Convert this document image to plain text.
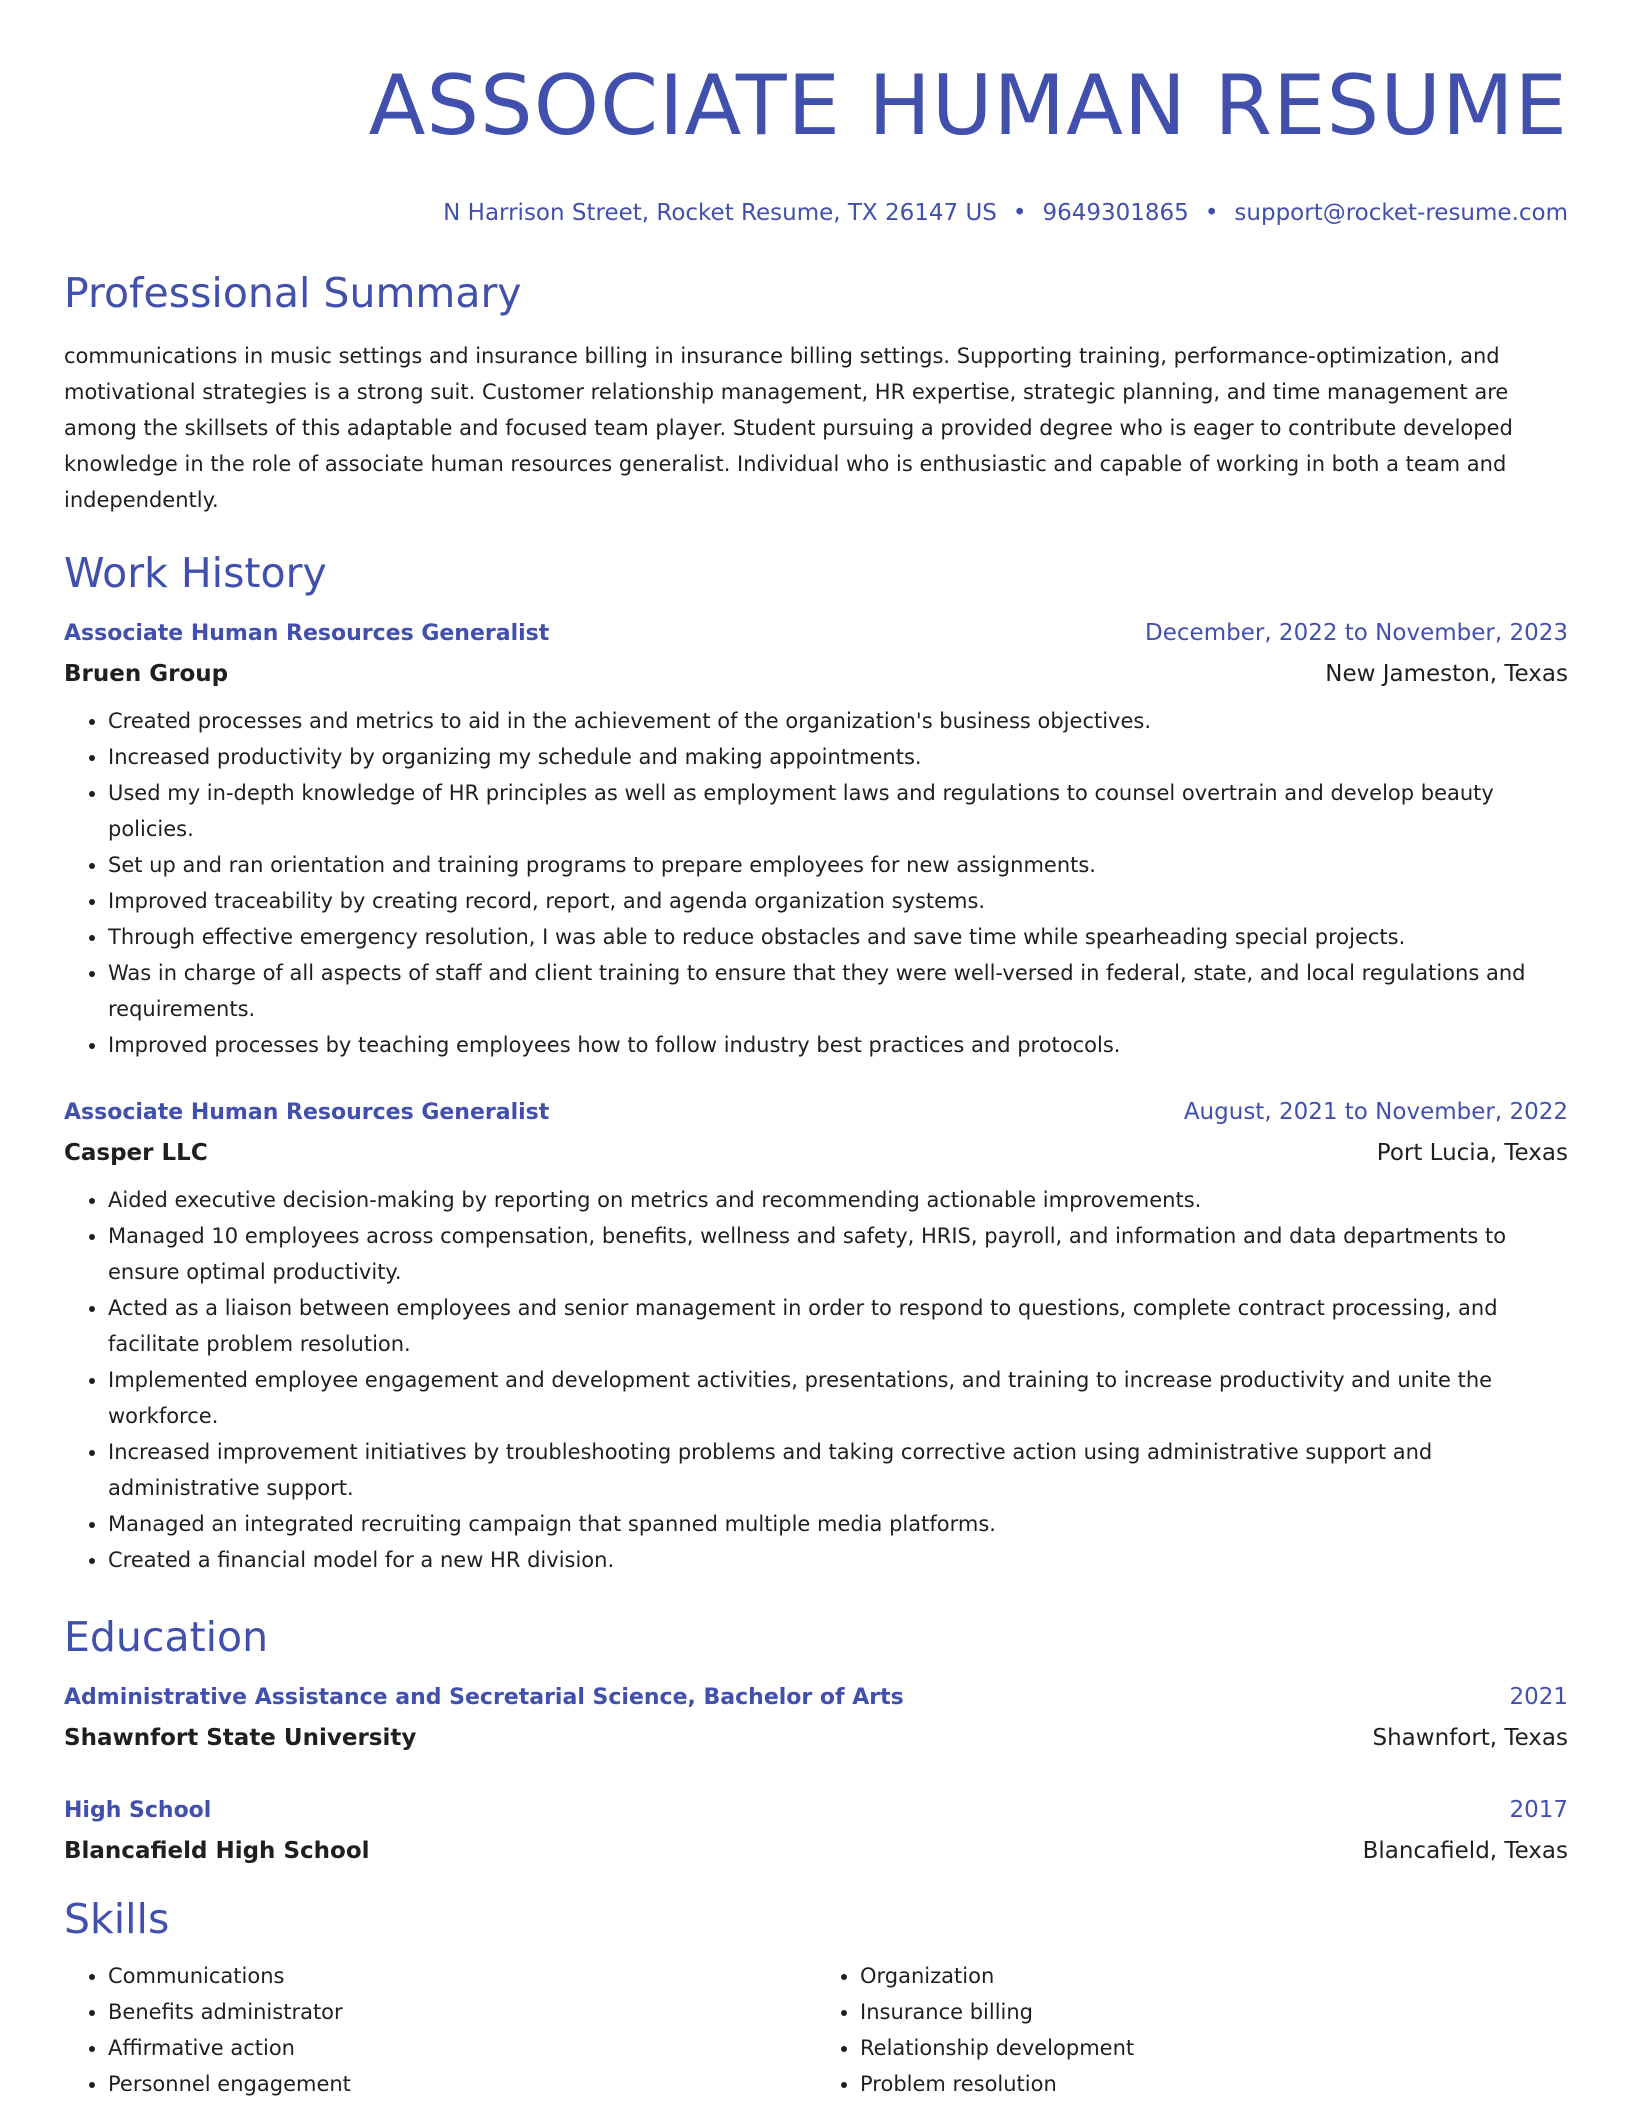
ASSOCIATE HUMAN RESUME
N Harrison Street, Rocket Resume, TX 26147 US • 9649301865 • support@rocket-resume.com
Professional Summary
communications in music settings and insurance billing in insurance billing settings. Supporting training, performance-optimization, and motivational strategies is a strong suit. Customer relationship management, HR expertise, strategic planning, and time management are among the skillsets of this adaptable and focused team player. Student pursuing a provided degree who is eager to contribute developed knowledge in the role of associate human resources generalist. Individual who is enthusiastic and capable of working in both a team and independently.
Work History
Associate Human Resources Generalist	December, 2022 to November, 2023
Bruen Group	New Jameston, Texas
• Created processes and metrics to aid in the achievement of the organization's business objectives.
• Increased productivity by organizing my schedule and making appointments.
• Used my in-depth knowledge of HR principles as well as employment laws and regulations to counsel overtrain and develop beauty policies.
• Set up and ran orientation and training programs to prepare employees for new assignments.
• Improved traceability by creating record, report, and agenda organization systems.
• Through effective emergency resolution, I was able to reduce obstacles and save time while spearheading special projects.
• Was in charge of all aspects of staff and client training to ensure that they were well-versed in federal, state, and local regulations and requirements.
• Improved processes by teaching employees how to follow industry best practices and protocols.
Associate Human Resources Generalist	August, 2021 to November, 2022
Casper LLC	Port Lucia, Texas
• Aided executive decision-making by reporting on metrics and recommending actionable improvements.
• Managed 10 employees across compensation, benefits, wellness and safety, HRIS, payroll, and information and data departments to ensure optimal productivity.
• Acted as a liaison between employees and senior management in order to respond to questions, complete contract processing, and facilitate problem resolution.
• Implemented employee engagement and development activities, presentations, and training to increase productivity and unite the workforce.
• Increased improvement initiatives by troubleshooting problems and taking corrective action using administrative support and administrative support.
• Managed an integrated recruiting campaign that spanned multiple media platforms.
• Created a financial model for a new HR division.
Education
Administrative Assistance and Secretarial Science, Bachelor of Arts	2021
Shawnfort State University	Shawnfort, Texas
High School	2017
Blancafield High School	Blancafield, Texas
Skills
• Communications
• Benefits administrator
• Affirmative action
• Personnel engagement
• Organization
• Insurance billing
• Relationship development
• Problem resolution
